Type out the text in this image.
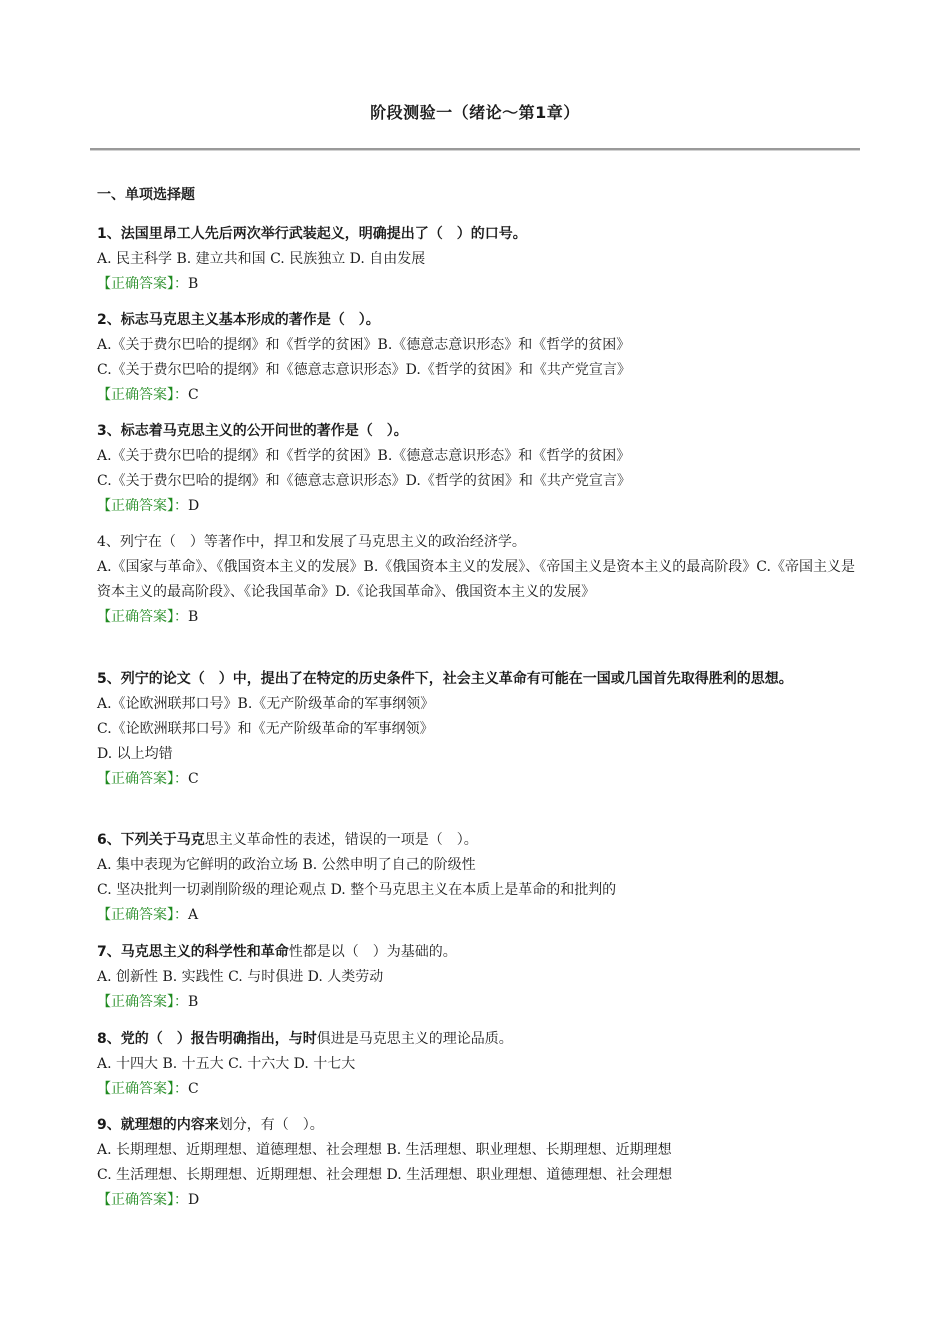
阶段测验一（绪论～第1章）
一、单项选择题
1、法国里昂工人先后两次举行武装起义，明确提出了（　）的口号。
A. 民主科学 B. 建立共和国 C. 民族独立 D. 自由发展
【正确答案】：B
2、标志马克思主义基本形成的著作是（　）。
A.《关于费尔巴哈的提纲》和《哲学的贫困》B.《德意志意识形态》和《哲学的贫困》
C.《关于费尔巴哈的提纲》和《德意志意识形态》D.《哲学的贫困》和《共产党宣言》
【正确答案】：C
3、标志着马克思主义的公开问世的著作是（　）。
A.《关于费尔巴哈的提纲》和《哲学的贫困》B.《德意志意识形态》和《哲学的贫困》
C.《关于费尔巴哈的提纲》和《德意志意识形态》D.《哲学的贫困》和《共产党宣言》
【正确答案】：D
4、列宁在（　）等著作中，捍卫和发展了马克思主义的政治经济学。
A.《国家与革命》、《俄国资本主义的发展》B.《俄国资本主义的发展》、《帝国主义是资本主义的最高阶段》C.《帝国主义是资本主义的最高阶段》、《论我国革命》D.《论我国革命》、俄国资本主义的发展》
【正确答案】：B
5、列宁的论文（　）中，提出了在特定的历史条件下，社会主义革命有可能在一国或几国首先取得胜利的思想。
A.《论欧洲联邦口号》B.《无产阶级革命的军事纲领》
C.《论欧洲联邦口号》和《无产阶级革命的军事纲领》
D. 以上均错
【正确答案】：C
6、下列关于马克思主义革命性的表述，错误的一项是（　）。
A. 集中表现为它鲜明的政治立场 B. 公然申明了自己的阶级性
C. 坚决批判一切剥削阶级的理论观点 D. 整个马克思主义在本质上是革命的和批判的
【正确答案】：A
7、马克思主义的科学性和革命性都是以（　）为基础的。
A. 创新性 B. 实践性 C. 与时俱进 D. 人类劳动
【正确答案】：B
8、党的（　）报告明确指出，与时俱进是马克思主义的理论品质。
A. 十四大 B. 十五大 C. 十六大 D. 十七大
【正确答案】：C
9、就理想的内容来划分，有（　）。
A. 长期理想、近期理想、道德理想、社会理想 B. 生活理想、职业理想、长期理想、近期理想
C. 生活理想、长期理想、近期理想、社会理想 D. 生活理想、职业理想、道德理想、社会理想
【正确答案】：D
